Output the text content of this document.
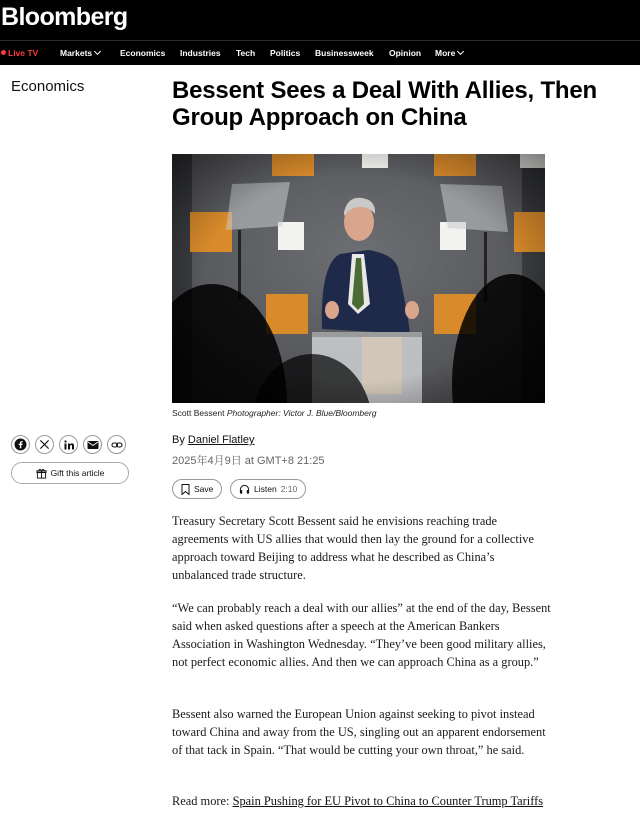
Bloomberg
Live TV	Markets	Economics Industries Tech Politics Businessweek Opinion More
Economics	Bessent Sees a Deal With Allies, Then
Group Approach on China
Scott Bessent Photographer: Victor J. Blue/Bloomberg
Gift this article
By Daniel Flatley
2025年4月9日 at GMT+8 21:25
Save	Listen 2:10

Treasury Secretary Scott Bessent said he envisions reaching trade agreements with US allies that would then lay the ground for a collective approach toward Beijing to address what he described as China’s unbalanced trade structure.

“We can probably reach a deal with our allies” at the end of the day, Bessent said when asked questions after a speech at the American Bankers Association in Washington Wednesday. “They’ve been good military allies, not perfect economic allies. And then we can approach China as a group.”

Bessent also warned the European Union against seeking to pivot instead toward China and away from the US, singling out an apparent endorsement of that tack in Spain. “That would be cutting your own throat,” he said.

Read more: Spain Pushing for EU Pivot to China to Counter Trump Tariffs
